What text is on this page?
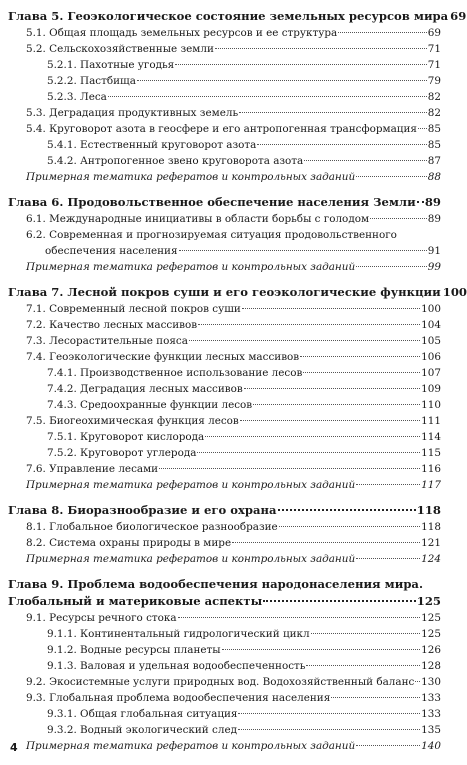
Глава 5. Геоэкологическое состояние земельных ресурсов мира 69
5.1. Общая площадь земельных ресурсов и ее структура	69
5.2. Сельскохозяйственные земли	71
5.2.1. Пахотные угодья	71
5.2.2. Пастбища	79
5.2.3. Леса	82
5.3. Деградация продуктивных земель	82
5.4. Круговорот азота в геосфере и его антропогенная трансформация 85
5.4.1. Естественный круговорот азота	85
5.4.2. Антропогенное звено круговорота азота	87
Примерная тематика рефератов и контрольных заданий	88
Глава 6. Продовольственное обеспечение населения Земли 89
6.1. Международные инициативы в области борьбы с голодом	89
6.2. Современная и прогнозируемая ситуация продовольственного
обеспечения населения	91
Примерная тематика рефератов и контрольных заданий	99
Глава 7. Лесной покров суши и его геоэкологические функции 100
7.1. Современный лесной покров суши	100
7.2. Качество лесных массивов	104
7.3. Лесорастительные пояса	105
7.4. Геоэкологические функции лесных массивов	106
7.4.1. Производственное использование лесов	107
7.4.2. Деградация лесных массивов	109
7.4.3. Средоохранные функции лесов	110
7.5. Биогеохимическая функция лесов	111
7.5.1. Круговорот кислорода	114
7.5.2. Круговорот углерода	115
7.6. Управление лесами	116
Примерная тематика рефератов и контрольных заданий	117
Глава 8. Биоразнообразие и его охрана	118
8.1. Глобальное биологическое разнообразие	118
8.2. Система охраны природы в мире	121
Примерная тематика рефератов и контрольных заданий	124
Глава 9. Проблема водообеспечения народонаселения мира.
Глобальный и материковые аспекты	125
9.1. Ресурсы речного стока	125
9.1.1. Континентальный гидрологический цикл	125
9.1.2. Водные ресурсы планеты	126
9.1.3. Валовая и удельная водообеспеченность	128
9.2. Экосистемные услуги природных вод. Водохозяйственный баланс 130
9.3. Глобальная проблема водообеспечения населения	133
9.3.1. Общая глобальная ситуация	133
9.3.2. Водный экологический след	135
Примерная тематика рефератов и контрольных заданий	140
4
